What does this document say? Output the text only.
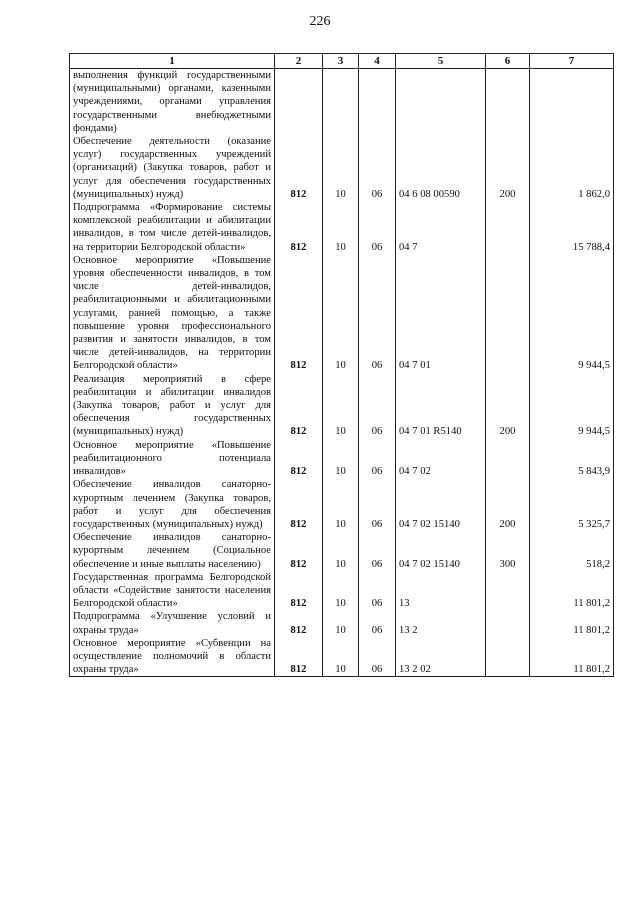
226
1	2	3	4	5	6	7
выполнения функций государственными (муниципальными) органами, казенными учреждениями, органами управления государственными внебюджетными фондами)						
Обеспечение деятельности (оказание услуг) государственных учреждений (организаций) (Закупка товаров, работ и услуг для обеспечения государственных (муниципальных) нужд)	812	10	06	04 6 08 00590	200	1 862,0
Подпрограмма «Формирование системы комплексной реабилитации и абилитации инвалидов, в том числе детей-инвалидов, на территории Белгородской области»	812	10	06	04 7		15 788,4
Основное мероприятие «Повышение уровня обеспеченности инвалидов, в том числе детей-инвалидов, реабилитационными и абилитационными услугами, ранней помощью, а также повышение уровня профессионального развития и занятости инвалидов, в том числе детей-инвалидов, на территории Белгородской области»	812	10	06	04 7 01		9 944,5
Реализация мероприятий в сфере реабилитации и абилитации инвалидов (Закупка товаров, работ и услуг для обеспечения государственных (муниципальных) нужд)	812	10	06	04 7 01 R5140	200	9 944,5
Основное мероприятие «Повышение реабилитационного потенциала инвалидов»	812	10	06	04 7 02		5 843,9
Обеспечение инвалидов санаторно-курортным лечением (Закупка товаров, работ и услуг для обеспечения государственных (муниципальных) нужд)	812	10	06	04 7 02 15140	200	5 325,7
Обеспечение инвалидов санаторно-курортным лечением (Социальное обеспечение и иные выплаты населению)	812	10	06	04 7 02 15140	300	518,2
Государственная программа Белгородской области «Содействие занятости населения Белгородской области»	812	10	06	13		11 801,2
Подпрограмма «Улучшение условий и охраны труда»	812	10	06	13 2		11 801,2
Основное мероприятие «Субвенции на осуществление полномочий в области охраны труда»	812	10	06	13 2 02		11 801,2
